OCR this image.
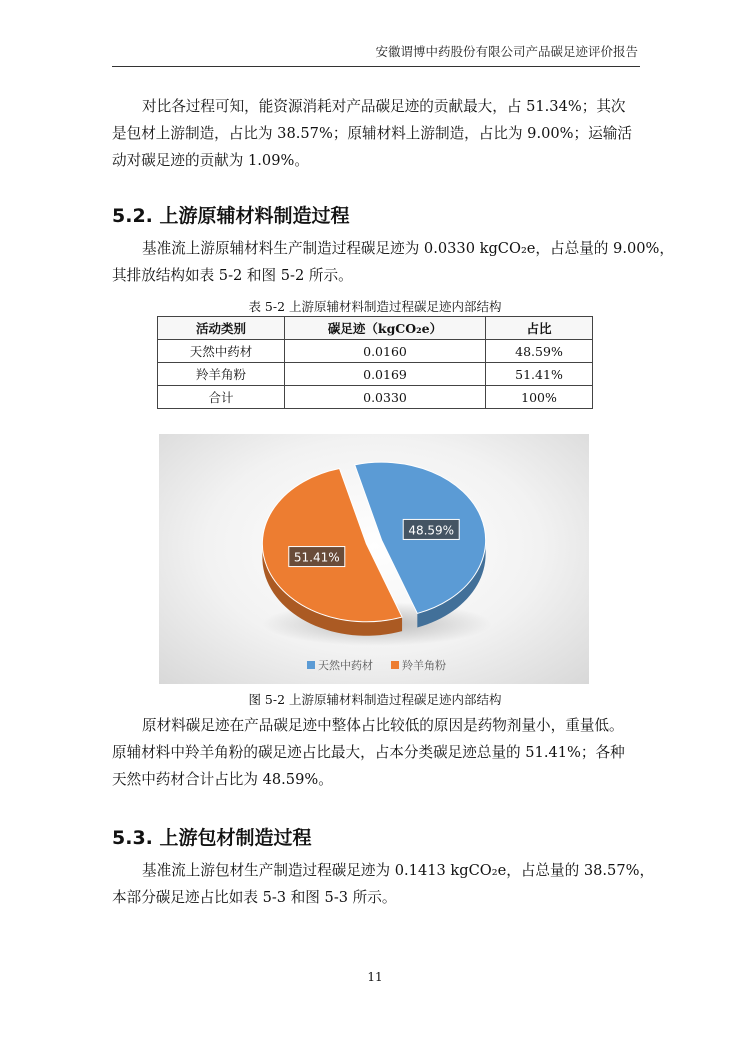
安徽谓博中药股份有限公司产品碳足迹评价报告
对比各过程可知，能资源消耗对产品碳足迹的贡献最大，占 51.34%；其次
是包材上游制造，占比为 38.57%；原辅材料上游制造，占比为 9.00%；运输活
动对碳足迹的贡献为 1.09%。
5.2. 上游原辅材料制造过程
基准流上游原辅材料生产制造过程碳足迹为 0.0330 kgCO₂e，占总量的 9.00%，
其排放结构如表 5-2 和图 5-2 所示。
表 5-2 上游原辅材料制造过程碳足迹内部结构
活动类别	碳足迹（kgCO₂e）	占比
天然中药材	0.0160	48.59%
羚羊角粉	0.0169	51.41%
合计	0.0330	100%
48.59%
51.41%
天然中药材	羚羊角粉
图 5-2 上游原辅材料制造过程碳足迹内部结构
原材料碳足迹在产品碳足迹中整体占比较低的原因是药物剂量小，重量低。
原辅材料中羚羊角粉的碳足迹占比最大，占本分类碳足迹总量的 51.41%；各种
天然中药材合计占比为 48.59%。
5.3. 上游包材制造过程
基准流上游包材生产制造过程碳足迹为 0.1413 kgCO₂e，占总量的 38.57%，
本部分碳足迹占比如表 5-3 和图 5-3 所示。
11
